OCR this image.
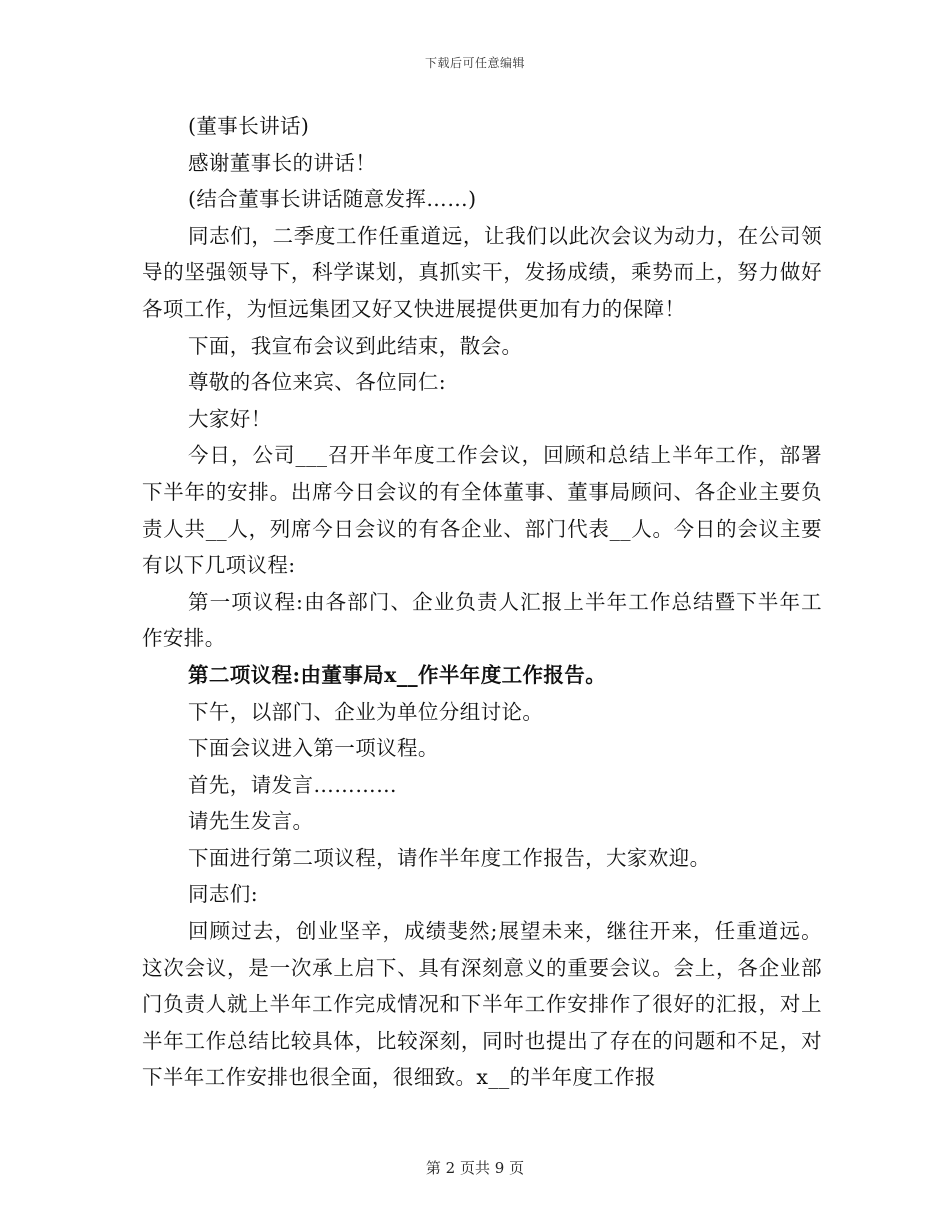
下载后可任意编辑

(董事长讲话)

感谢董事长的讲话！

(结合董事长讲话随意发挥……)

同志们，二季度工作任重道远，让我们以此次会议为动力，在公司领导的坚强领导下，科学谋划，真抓实干，发扬成绩，乘势而上，努力做好各项工作，为恒远集团又好又快进展提供更加有力的保障！

下面，我宣布会议到此结束，散会。

尊敬的各位来宾、各位同仁:

大家好！

今日，公司___召开半年度工作会议，回顾和总结上半年工作，部署下半年的安排。出席今日会议的有全体董事、董事局顾问、各企业主要负责人共__人，列席今日会议的有各企业、部门代表__人。今日的会议主要有以下几项议程:

第一项议程:由各部门、企业负责人汇报上半年工作总结暨下半年工作安排。

第二项议程:由董事局x__作半年度工作报告。

下午，以部门、企业为单位分组讨论。

下面会议进入第一项议程。

首先，请发言…………

请先生发言。

下面进行第二项议程，请作半年度工作报告，大家欢迎。

同志们:

回顾过去，创业坚辛，成绩斐然;展望未来，继往开来，任重道远。这次会议，是一次承上启下、具有深刻意义的重要会议。会上，各企业部门负责人就上半年工作完成情况和下半年工作安排作了很好的汇报，对上半年工作总结比较具体，比较深刻，同时也提出了存在的问题和不足，对下半年工作安排也很全面，很细致。x__的半年度工作报

第 2 页共 9 页
